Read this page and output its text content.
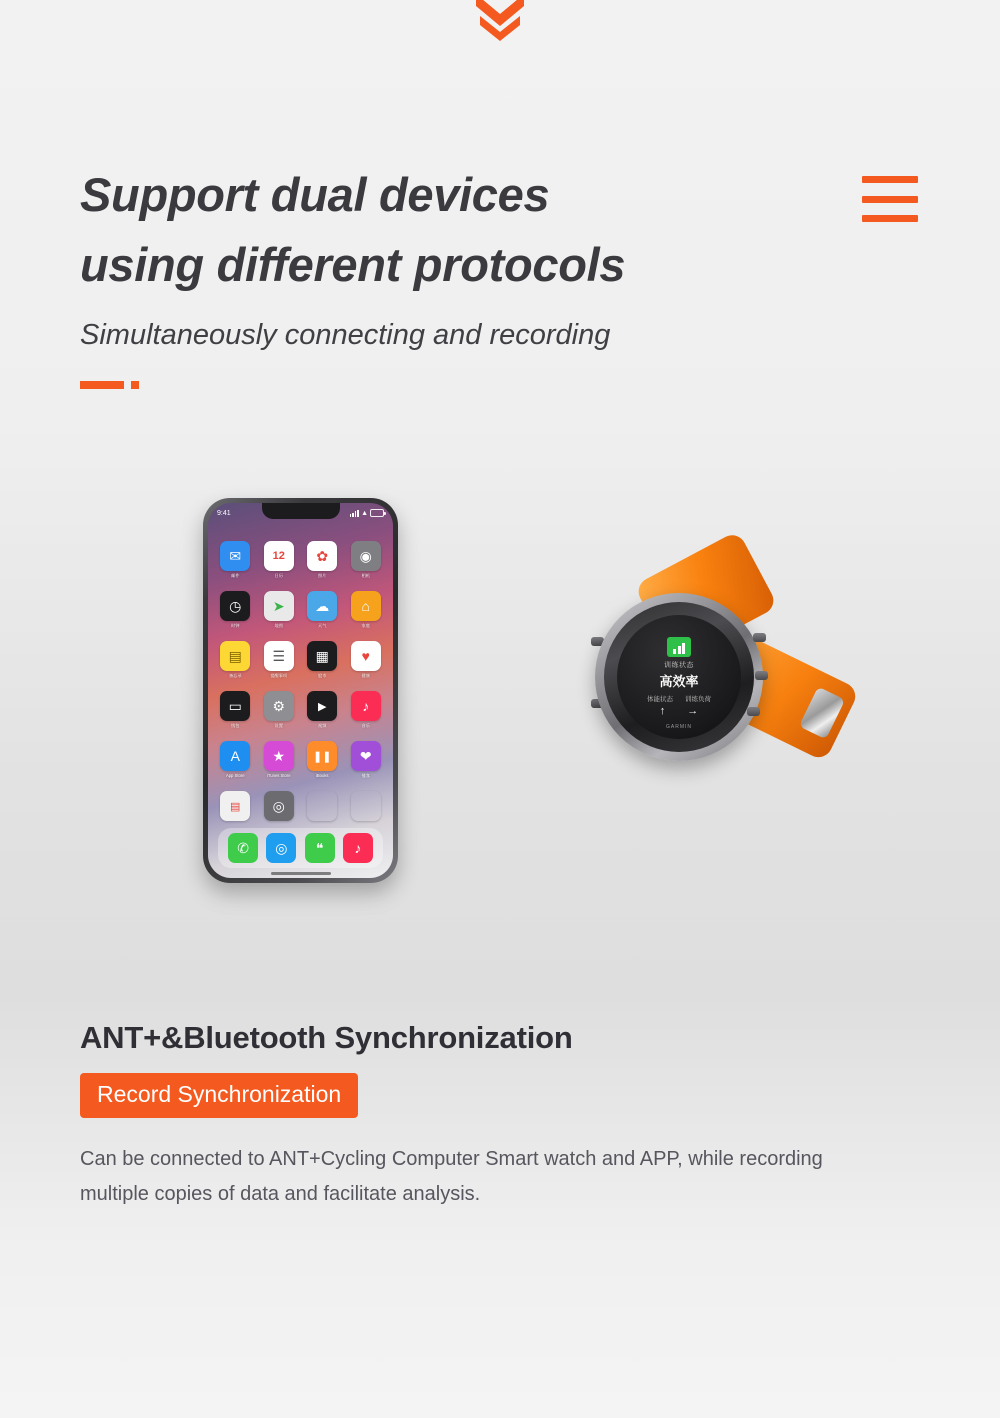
Support dual devices
using different protocols
Simultaneously connecting and recording
9:41	▲
✉
邮件
12
日历
✿
照片
◉
相机
◷
时钟
➤
地图
☁
天气
⌂
家庭
▤
备忘录
☰
提醒事项
▦
股市
♥
健康
▭
钱包
⚙
设置
▶
视频
♪
音乐
A
App Store
★
iTunes Store
❚❚
iBooks
❤
播客
▤	◎
✆	◎	❝	♪
训练状态
高效率
体能状态 训练负荷
↑ →
GARMIN
ANT+&Bluetooth Synchronization
Record Synchronization

Can be connected to ANT+Cycling Computer Smart watch and APP, while recording multiple copies of data and facilitate analysis.
